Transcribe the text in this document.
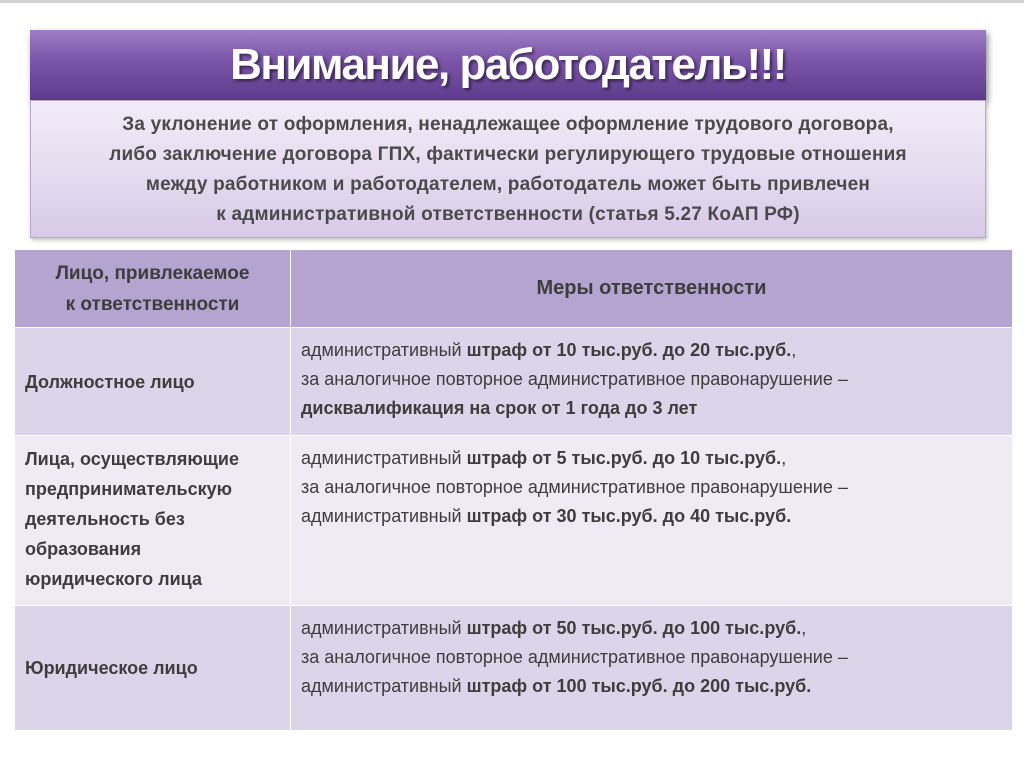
Внимание, работодатель!!!
За уклонение от оформления, ненадлежащее оформление трудового договора,
либо заключение договора ГПХ, фактически регулирующего трудовые отношения
между работником и работодателем, работодатель может быть привлечен
к административной ответственности (статья 5.27 КоАП РФ)
Лицо, привлекаемое
к ответственности	Меры ответственности
Должностное лицо	административный штраф от 10 тыс.руб. до 20 тыс.руб.,
за аналогичное повторное административное правонарушение –
дисквалификация на срок от 1 года до 3 лет

Лица, осуществляющие
предпринимательскую
деятельность без
образования
юридического лица	административный штраф от 5 тыс.руб. до 10 тыс.руб.,
за аналогичное повторное административное правонарушение –
административный штраф от 30 тыс.руб. до 40 тыс.руб.

Юридическое лицо	административный штраф от 50 тыс.руб. до 100 тыс.руб.,
за аналогичное повторное административное правонарушение –
административный штраф от 100 тыс.руб. до 200 тыс.руб.
